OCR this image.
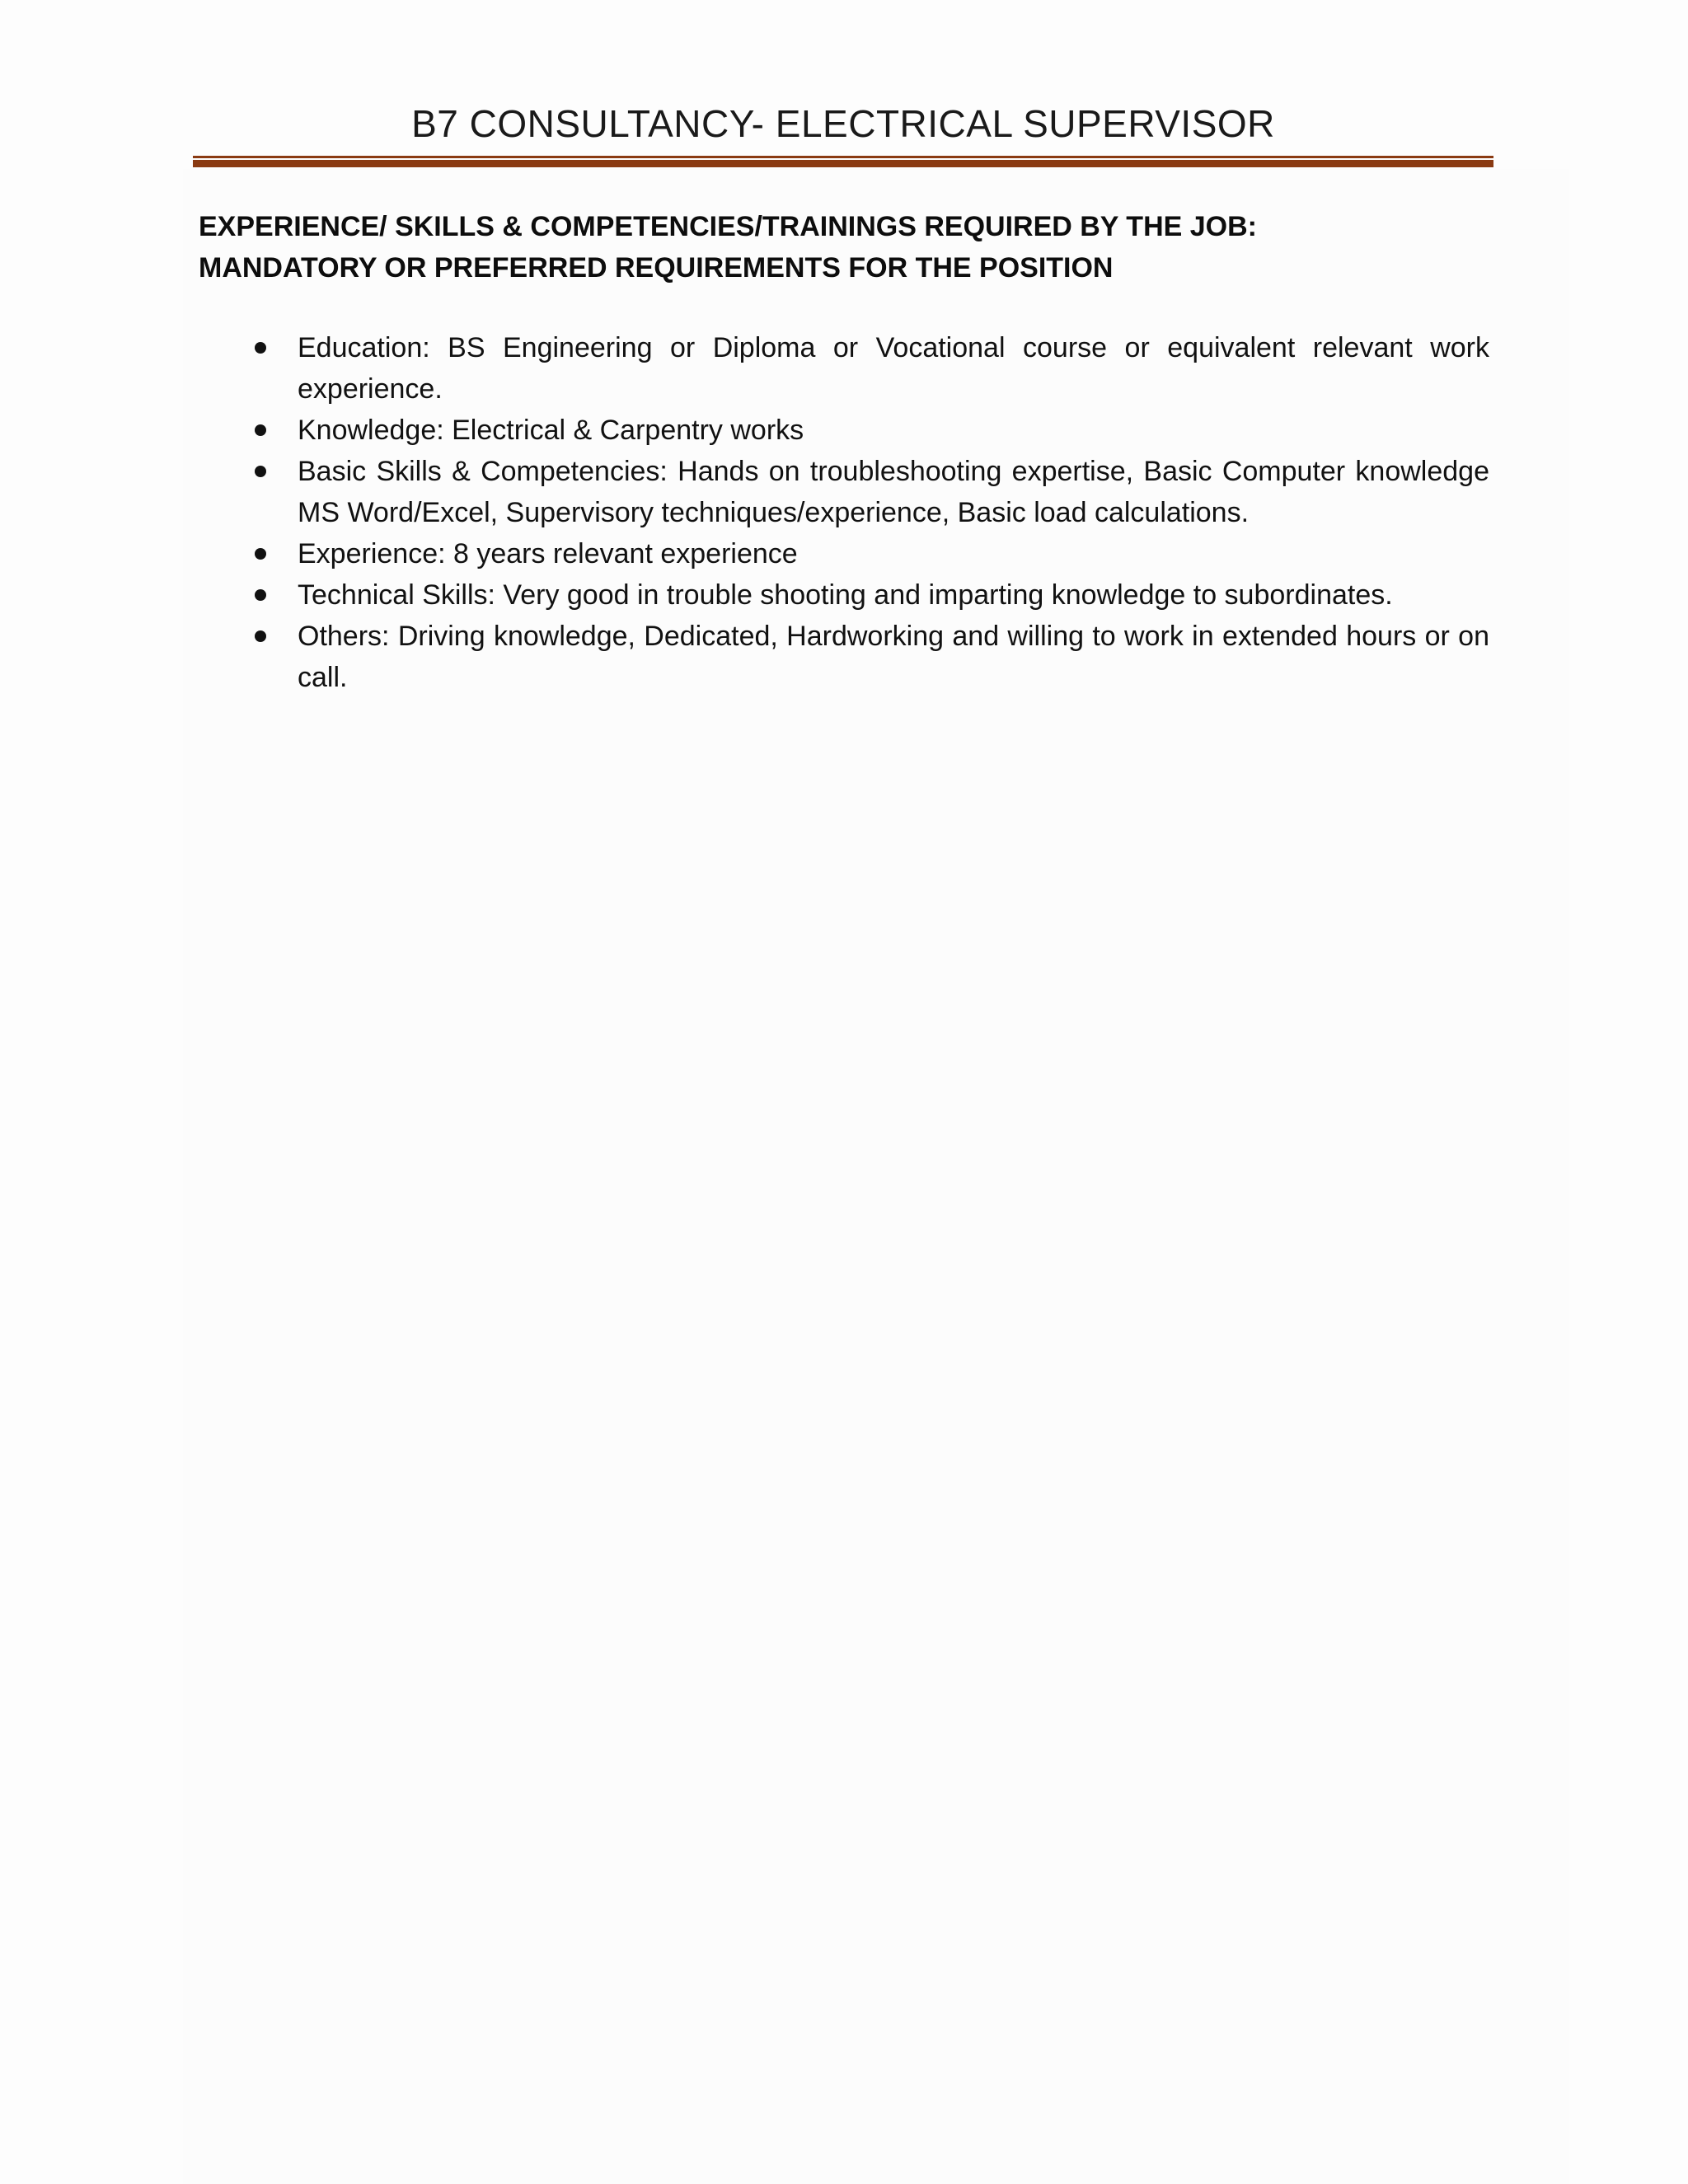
B7 CONSULTANCY- ELECTRICAL SUPERVISOR
EXPERIENCE/ SKILLS & COMPETENCIES/TRAININGS REQUIRED BY THE JOB:
MANDATORY OR PREFERRED REQUIREMENTS FOR THE POSITION
Education: BS Engineering or Diploma or Vocational course or equivalent relevant work experience.
Knowledge: Electrical & Carpentry works
Basic Skills & Competencies: Hands on troubleshooting expertise, Basic Computer knowledge MS Word/Excel, Supervisory techniques/experience, Basic load calculations.
Experience: 8 years relevant experience
Technical Skills: Very good in trouble shooting and imparting knowledge to subordinates.
Others: Driving knowledge, Dedicated, Hardworking and willing to work in extended hours or on call.
